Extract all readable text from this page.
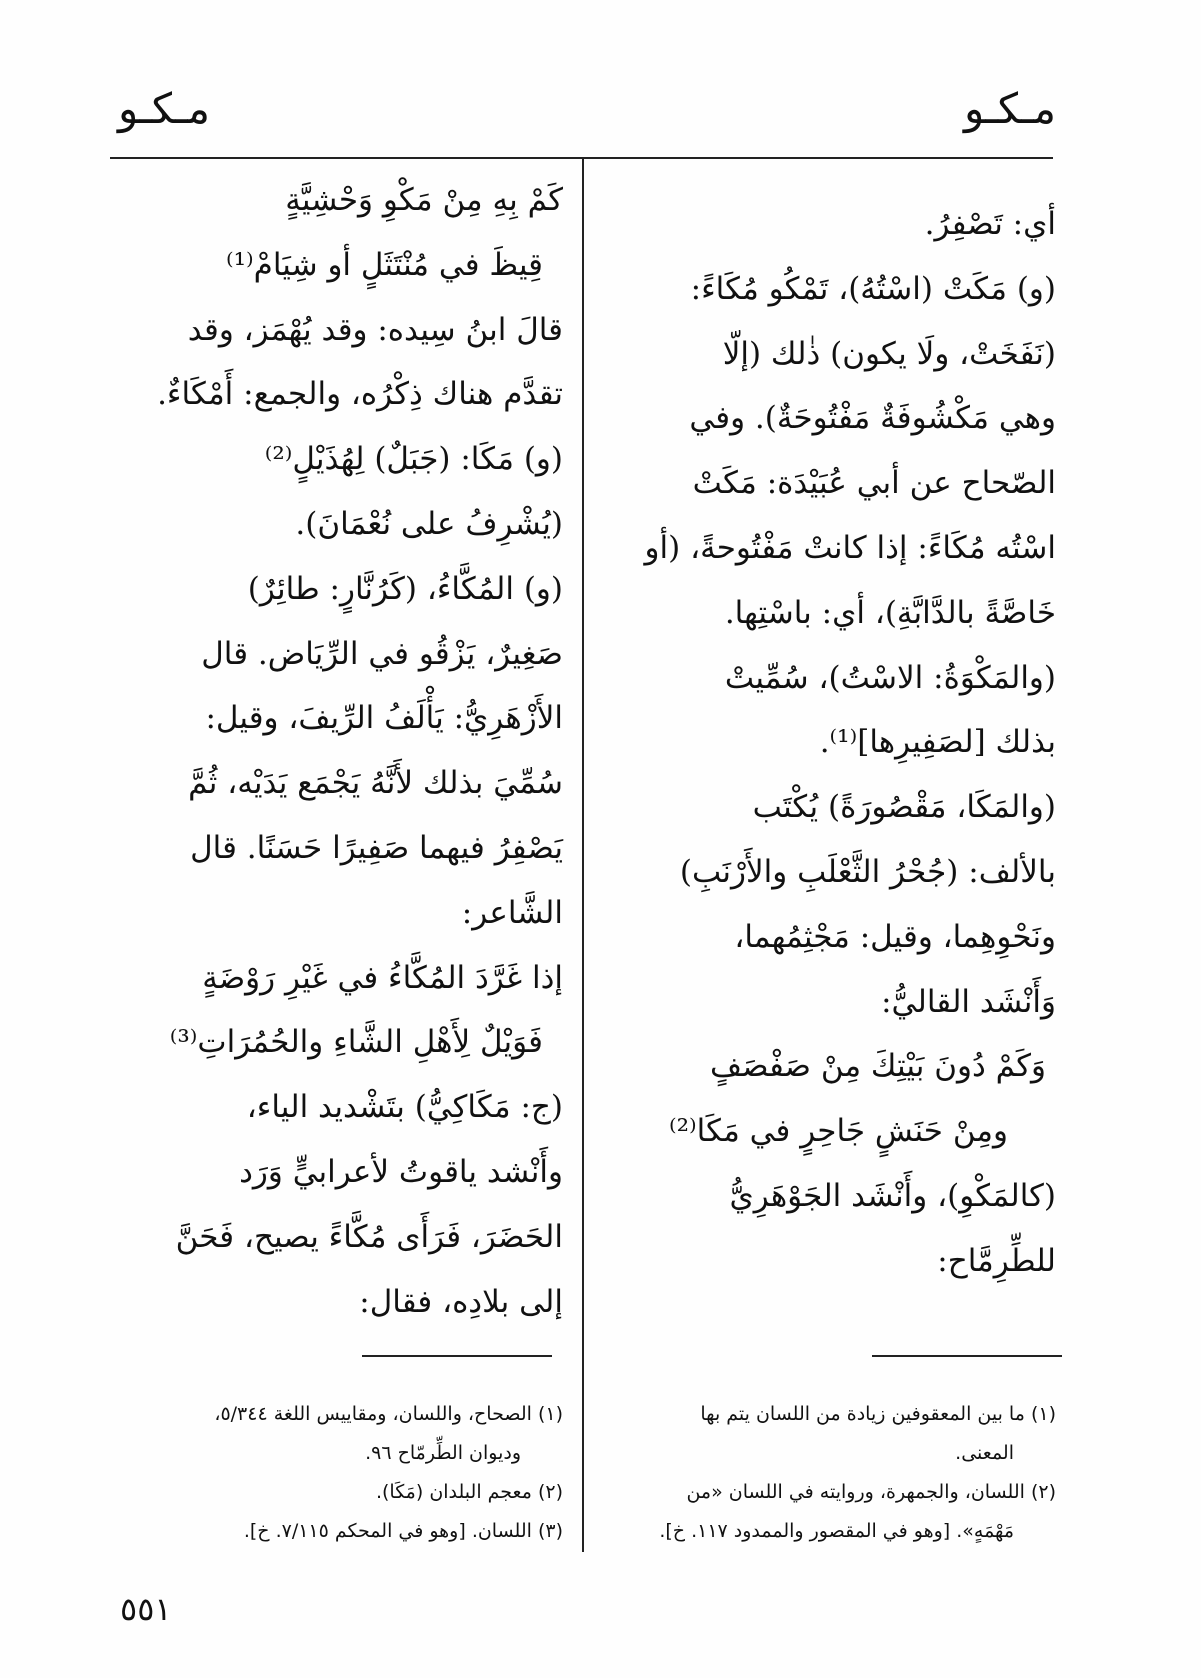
مـكـو
مـكـو
أي: تَصْفِرُ.
(و) مَكَتْ (اسْتُهُ)، تَمْكُو مُكَاءً:
(نَفَخَتْ، ولَا يكون) ذٰلك (إلّا
وهي مَكْشُوفَةٌ مَفْتُوحَةٌ). وفي
الصّحاح عن أبي عُبَيْدَة: مَكَتْ
اسْتُه مُكَاءً: إذا كانتْ مَفْتُوحةً، (أو
خَاصَّةً بالدَّابَّةِ)، أي: باسْتِها.
(والمَكْوَةُ: الاسْتُ)، سُمِّيتْ
بذلك [لصَفِيرِها]⁽¹⁾.
(والمَكَا، مَقْصُورَةً) يُكْتَب
بالألف: (جُحْرُ الثَّعْلَبِ والأَرْنَبِ)
ونَحْوِهِما، وقيل: مَجْثِمُهما،
وَأَنْشَد القاليُّ:
وَكَمْ دُونَ بَيْتِكَ مِنْ صَفْصَفٍ
ومِنْ حَنَشٍ جَاحِرٍ في مَكَا⁽²⁾
(كالمَكْوِ)، وأَنْشَد الجَوْهَرِيُّ
للطِّرِمَّاح:
كَمْ بِهِ مِنْ مَكْوِ وَحْشِيَّةٍ
قِيظَ في مُنْتَثَلٍ أو شِيَامْ⁽¹⁾
قالَ ابنُ سِيده: وقد يُهْمَز، وقد
تقدَّم هناك ذِكْرُه، والجمع: أَمْكَاءٌ.
(و) مَكَا: (جَبَلٌ) لِهُذَيْلٍ⁽²⁾
(يُشْرِفُ على نُعْمَانَ).
(و) المُكَّاءُ، (كَرُنَّارٍ: طائِرٌ)
صَغِيرٌ، يَزْقُو في الرِّيَاض. قال
الأَزْهَرِيُّ: يَأْلَفُ الرِّيفَ، وقيل:
سُمِّيَ بذلك لأَنَّهُ يَجْمَع يَدَيْه، ثُمَّ
يَصْفِرُ فيهما صَفِيرًا حَسَنًا. قال
الشَّاعر:
إذا غَرَّدَ المُكَّاءُ في غَيْرِ رَوْضَةٍ
فَوَيْلٌ لِأَهْلِ الشَّاءِ والحُمُرَاتِ⁽³⁾
(ج: مَكَاكِيُّ) بتَشْديد الياء،
وأَنْشد ياقوتُ لأعرابيٍّ وَرَد
الحَضَرَ، فَرَأَى مُكَّاءً يصيح، فَحَنَّ
إلى بلادِه، فقال:
(١) ما بين المعقوفين زيادة من اللسان يتم بها
المعنى.
(٢) اللسان، والجمهرة، وروايته في اللسان «من
مَهْمَهٍ». [وهو في المقصور والممدود ١١٧. خ].
(١) الصحاح، واللسان، ومقاييس اللغة ٥/٣٤٤،
وديوان الطِّرمّاح ٩٦.
(٢) معجم البلدان (مَكَا).
(٣) اللسان. [وهو في المحكم ٧/١١٥. خ].
٥٥١
